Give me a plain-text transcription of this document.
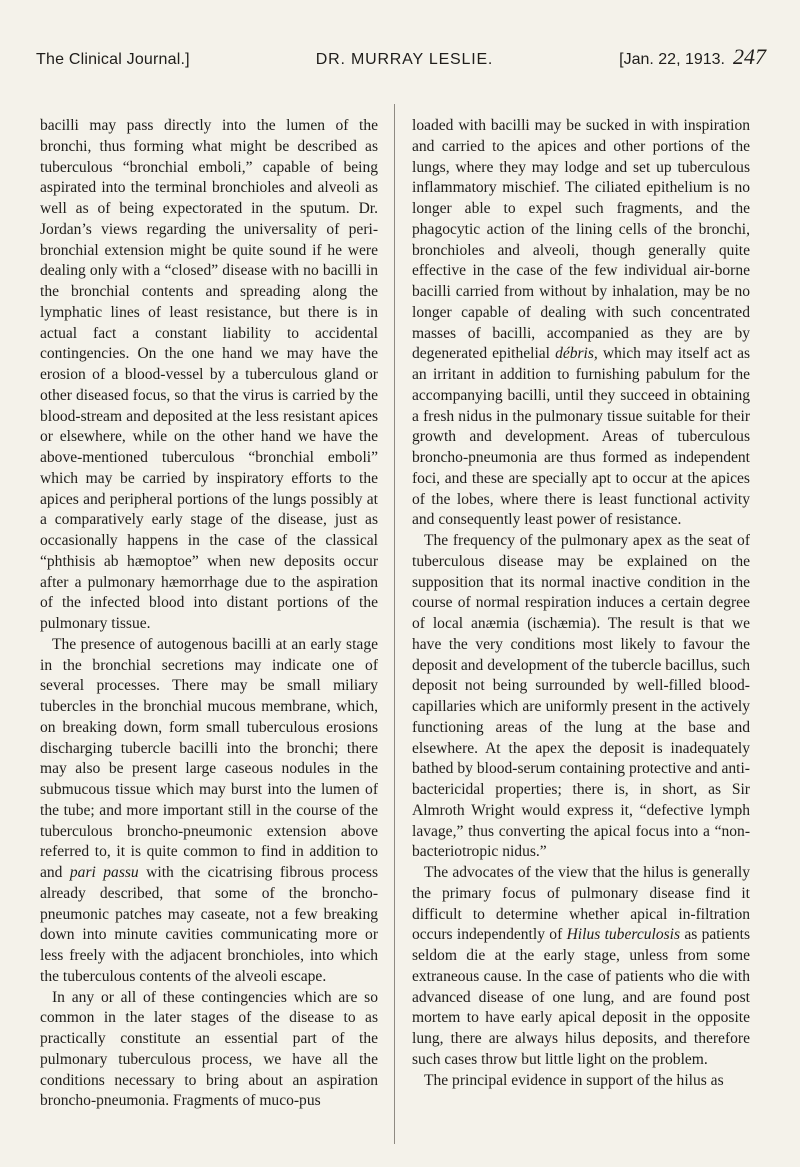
The Clinical Journal.]	DR. MURRAY LESLIE.	[Jan. 22, 1913. 247

bacilli may pass directly into the lumen of the bronchi, thus forming what might be described as tuberculous “bronchial emboli,” capable of being aspirated into the terminal bronchioles and alveoli as well as of being expectorated in the sputum. Dr. Jordan’s views regarding the universality of peri-bronchial extension might be quite sound if he were dealing only with a “closed” disease with no bacilli in the bronchial contents and spreading along the lymphatic lines of least resistance, but there is in actual fact a constant liability to accidental contingencies. On the one hand we may have the erosion of a blood-vessel by a tuberculous gland or other diseased focus, so that the virus is carried by the blood-stream and deposited at the less resistant apices or elsewhere, while on the other hand we have the above-mentioned tuberculous “bronchial emboli” which may be carried by inspiratory efforts to the apices and peripheral portions of the lungs possibly at a comparatively early stage of the disease, just as occasionally happens in the case of the classical “phthisis ab hæmoptoe” when new deposits occur after a pulmonary hæmorrhage due to the aspiration of the infected blood into distant portions of the pulmonary tissue.

The presence of autogenous bacilli at an early stage in the bronchial secretions may indicate one of several processes. There may be small miliary tubercles in the bronchial mucous membrane, which, on breaking down, form small tuberculous erosions discharging tubercle bacilli into the bronchi; there may also be present large caseous nodules in the submucous tissue which may burst into the lumen of the tube; and more important still in the course of the tuberculous broncho-pneumonic extension above referred to, it is quite common to find in addition to and pari passu with the cicatrising fibrous process already described, that some of the broncho-pneumonic patches may caseate, not a few breaking down into minute cavities communicating more or less freely with the adjacent bronchioles, into which the tuberculous contents of the alveoli escape.

In any or all of these contingencies which are so common in the later stages of the disease to as practically constitute an essential part of the pulmonary tuberculous process, we have all the conditions necessary to bring about an aspiration broncho-pneumonia. Fragments of muco-pus

loaded with bacilli may be sucked in with inspiration and carried to the apices and other portions of the lungs, where they may lodge and set up tuberculous inflammatory mischief. The ciliated epithelium is no longer able to expel such fragments, and the phagocytic action of the lining cells of the bronchi, bronchioles and alveoli, though generally quite effective in the case of the few individual air-borne bacilli carried from without by inhalation, may be no longer capable of dealing with such concentrated masses of bacilli, accompanied as they are by degenerated epithelial débris, which may itself act as an irritant in addition to furnishing pabulum for the accompanying bacilli, until they succeed in obtaining a fresh nidus in the pulmonary tissue suitable for their growth and development. Areas of tuberculous broncho-pneumonia are thus formed as independent foci, and these are specially apt to occur at the apices of the lobes, where there is least functional activity and consequently least power of resistance.

The frequency of the pulmonary apex as the seat of tuberculous disease may be explained on the supposition that its normal inactive condition in the course of normal respiration induces a certain degree of local anæmia (ischæmia). The result is that we have the very conditions most likely to favour the deposit and development of the tubercle bacillus, such deposit not being surrounded by well-filled blood-capillaries which are uniformly present in the actively functioning areas of the lung at the base and elsewhere. At the apex the deposit is inadequately bathed by blood-serum containing protective and anti-bactericidal properties; there is, in short, as Sir Almroth Wright would express it, “defective lymph lavage,” thus converting the apical focus into a “non-bacteriotropic nidus.”

The advocates of the view that the hilus is generally the primary focus of pulmonary disease find it difficult to determine whether apical in-filtration occurs independently of Hilus tuberculosis as patients seldom die at the early stage, unless from some extraneous cause. In the case of patients who die with advanced disease of one lung, and are found post mortem to have early apical deposit in the opposite lung, there are always hilus deposits, and therefore such cases throw but little light on the problem.

The principal evidence in support of the hilus as
